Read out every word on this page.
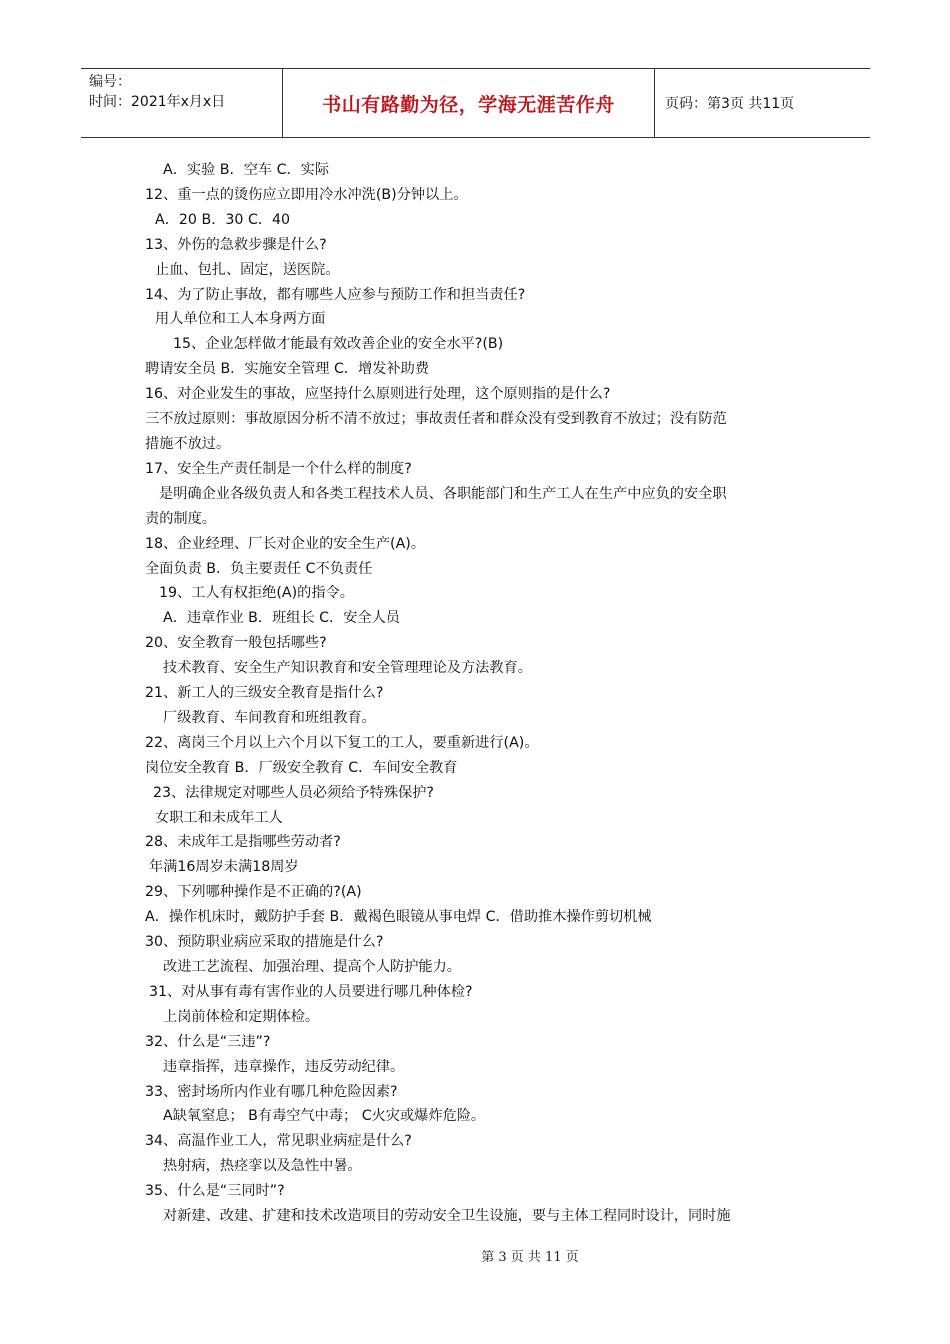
编号：
时间：2021年x月x日	书山有路勤为径，学海无涯苦作舟	页码：第3页 共11页
A．实验 B．空车 C．实际
12、重一点的烫伤应立即用冷水冲洗(B)分钟以上。
A．20 B．30 C．40
13、外伤的急救步骤是什么?
止血、包扎、固定，送医院。
14、为了防止事故，都有哪些人应参与预防工作和担当责任?
用人单位和工人本身两方面
15、企业怎样做才能最有效改善企业的安全水平?(B)
聘请安全员 B．实施安全管理 C．增发补助费
16、对企业发生的事故，应坚持什么原则进行处理，这个原则指的是什么?
三不放过原则：事故原因分析不清不放过；事故责任者和群众没有受到教育不放过；没有防范
措施不放过。
17、安全生产责任制是一个什么样的制度?
是明确企业各级负责人和各类工程技术人员、各职能部门和生产工人在生产中应负的安全职
责的制度。
18、企业经理、厂长对企业的安全生产(A)。
全面负责 B．负主要责任 C不负责任
19、工人有权拒绝(A)的指令。
A．违章作业 B．班组长 C．安全人员
20、安全教育一般包括哪些?
技术教育、安全生产知识教育和安全管理理论及方法教育。
21、新工人的三级安全教育是指什么?
厂级教育、车间教育和班组教育。
22、离岗三个月以上六个月以下复工的工人，要重新进行(A)。
岗位安全教育 B．厂级安全教育 C．车间安全教育
23、法律规定对哪些人员必须给予特殊保护?
女职工和未成年工人
28、未成年工是指哪些劳动者?
年满16周岁未满18周岁
29、下列哪种操作是不正确的?(A)
A．操作机床时，戴防护手套 B．戴褐色眼镜从事电焊 C．借助推木操作剪切机械
30、预防职业病应采取的措施是什么?
改进工艺流程、加强治理、提高个人防护能力。
31、对从事有毒有害作业的人员要进行哪几种体检?
上岗前体检和定期体检。
32、什么是“三违”?
违章指挥，违章操作，违反劳动纪律。
33、密封场所内作业有哪几种危险因素?
A缺氧窒息； B有毒空气中毒； C火灾或爆炸危险。
34、高温作业工人，常见职业病症是什么?
热射病，热痉挛以及急性中暑。
35、什么是“三同时”?
对新建、改建、扩建和技术改造项目的劳动安全卫生设施，要与主体工程同时设计，同时施
第 3 页 共 11 页
